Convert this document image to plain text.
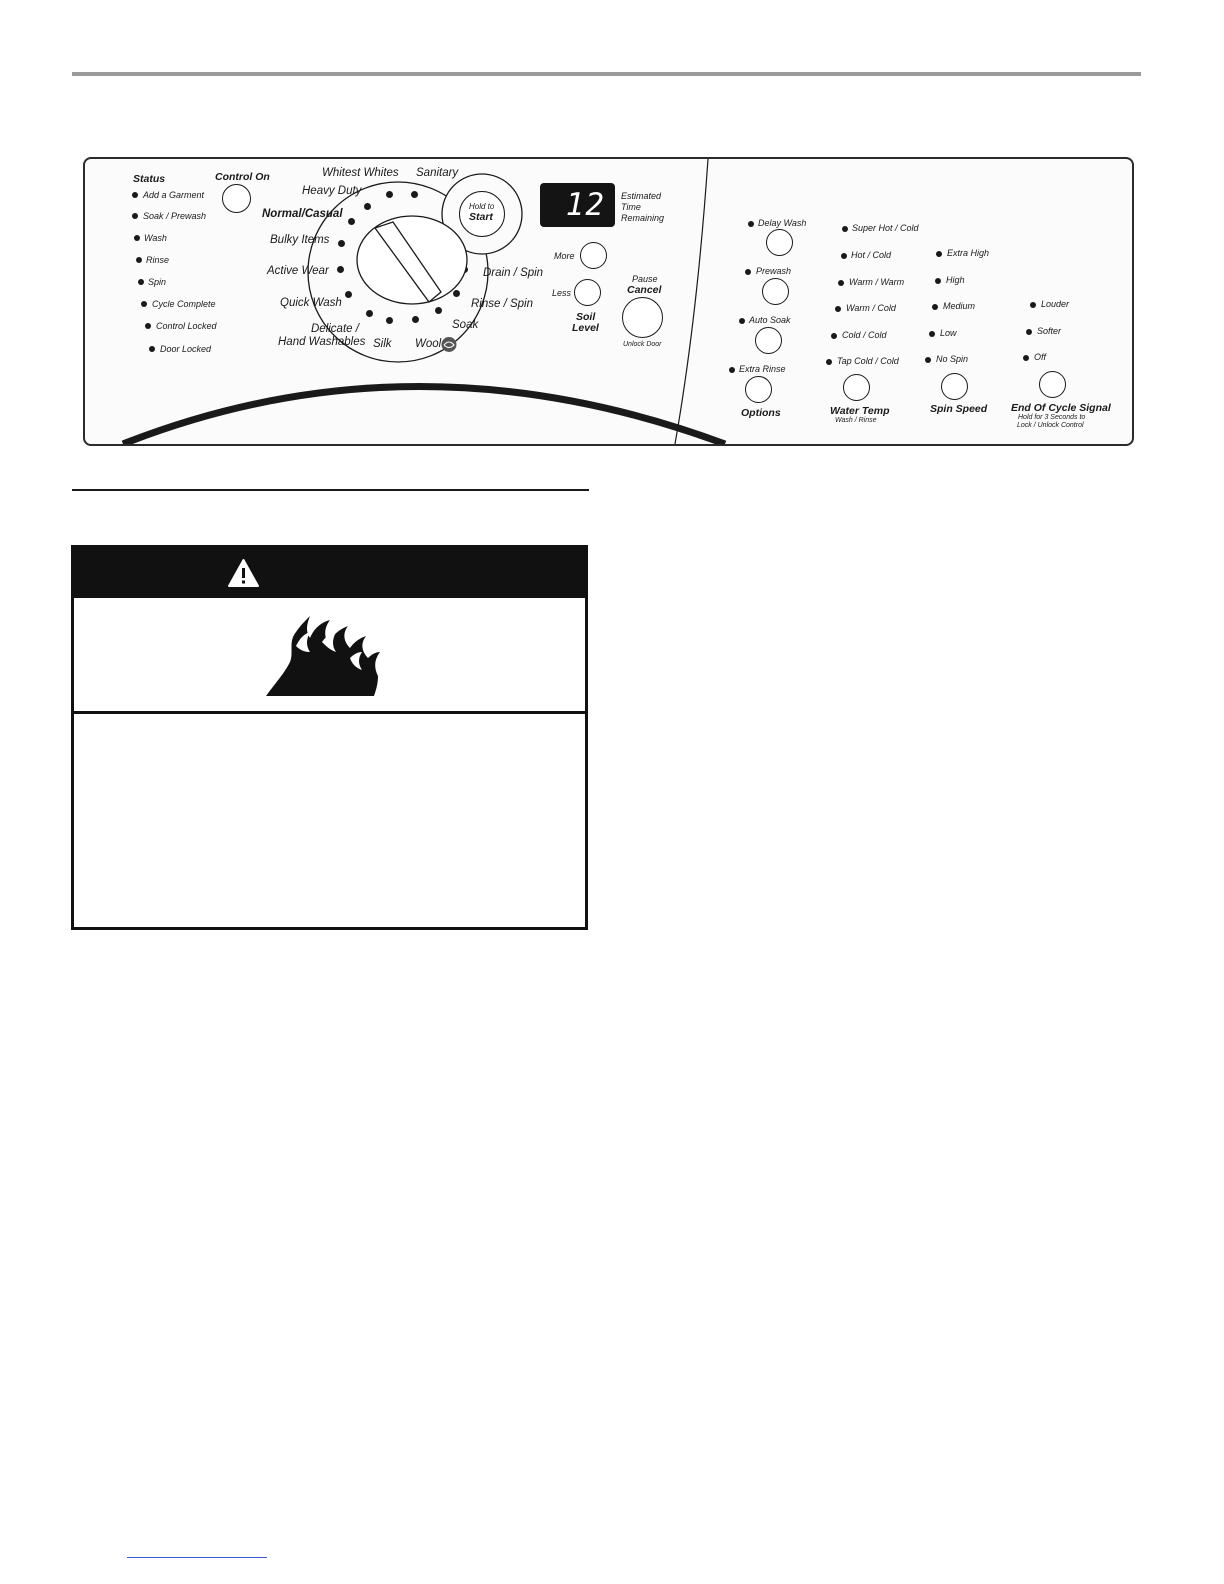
Status
Add a Garment
Soak / Prewash
Wash
Rinse
Spin
Cycle Complete
Control Locked
Door Locked
Control On	Whitest Whites
Heavy Duty
Normal/Casual
Bulky Items
Active Wear
Quick Wash
Delicate /
Hand Washables Silk Wool
Sanitary
Drain / Spin
Rinse / Spin
Soak
Hold to
Start 12 Estimated
Time
Remaining
More
Less
Soil
Level
Pause
Cancel
Unlock Door
Delay Wash
Prewash
Auto Soak
Extra Rinse
Options
Super Hot / Cold
Hot / Cold
Warm / Warm
Warm / Cold
Cold / Cold
Tap Cold / Cold
Water Temp
Wash / Rinse
Extra High
High
Medium
Low
No Spin
Spin Speed
Louder
Softer
Off
End Of Cycle Signal
Hold for 3 Seconds to
Lock / Unlock Control
